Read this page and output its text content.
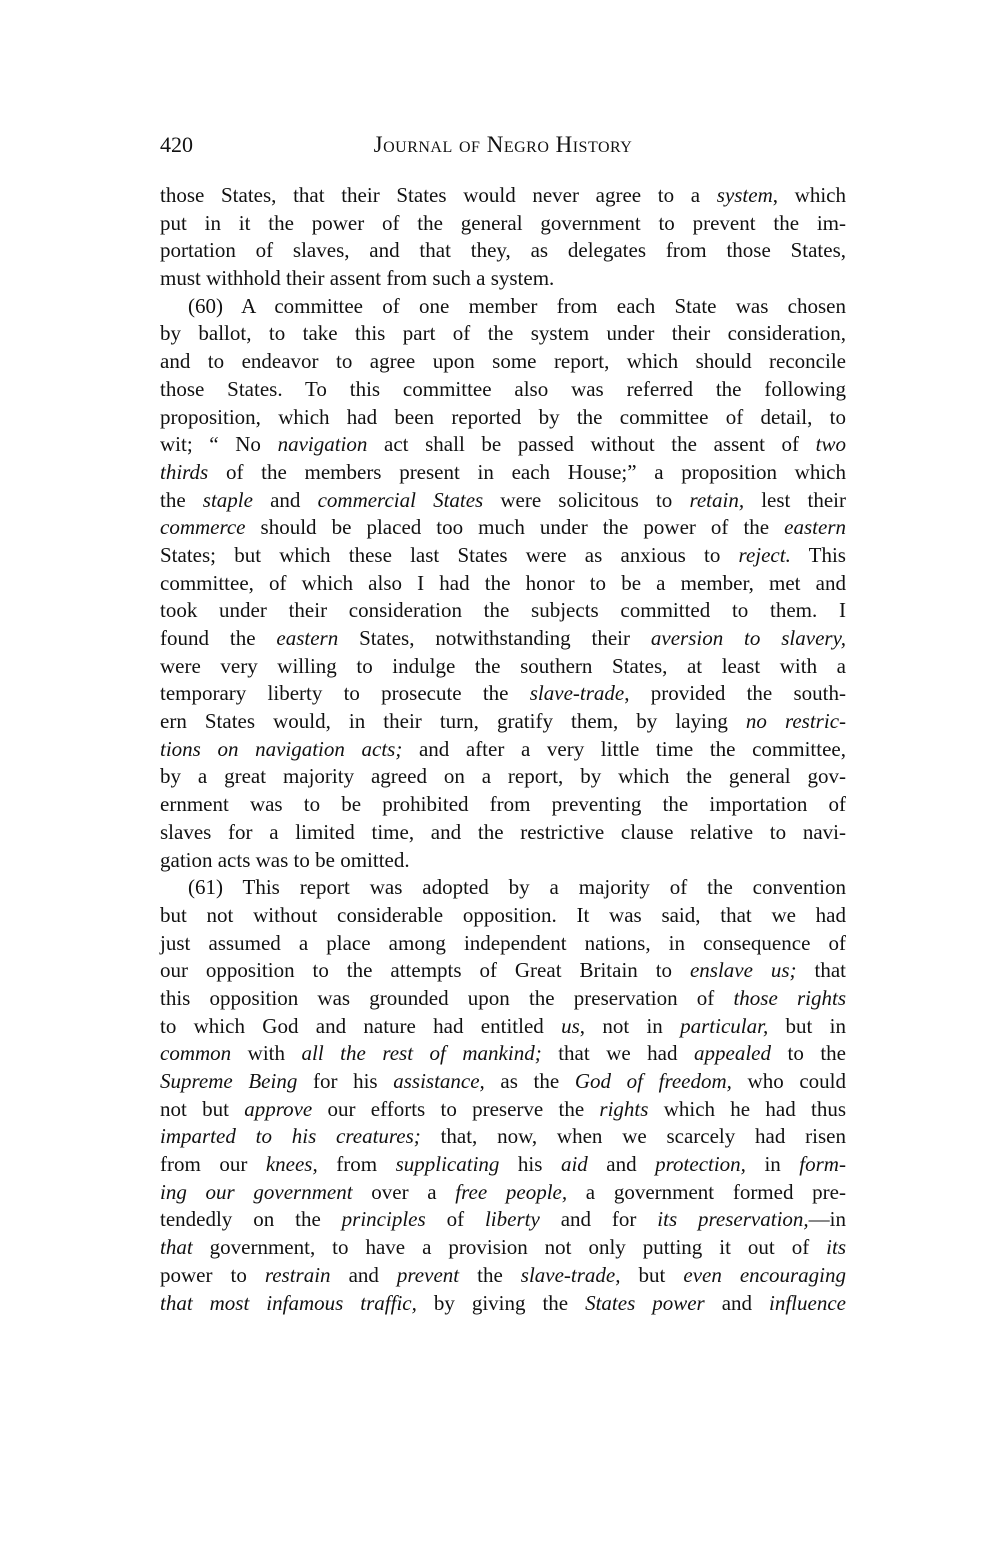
420	Journal of Negro History
those States, that their States would never agree to a system, which
put in it the power of the general government to prevent the im-
portation of slaves, and that they, as delegates from those States,
must withhold their assent from such a system.
(60) A committee of one member from each State was chosen
by ballot, to take this part of the system under their consideration,
and to endeavor to agree upon some report, which should reconcile
those States. To this committee also was referred the following
proposition, which had been reported by the committee of detail, to
wit; “ No navigation act shall be passed without the assent of two
thirds of the members present in each House;” a proposition which
the staple and commercial States were solicitous to retain, lest their
commerce should be placed too much under the power of the eastern
States; but which these last States were as anxious to reject. This
committee, of which also I had the honor to be a member, met and
took under their consideration the subjects committed to them. I
found the eastern States, notwithstanding their aversion to slavery,
were very willing to indulge the southern States, at least with a
temporary liberty to prosecute the slave-trade, provided the south-
ern States would, in their turn, gratify them, by laying no restric-
tions on navigation acts; and after a very little time the committee,
by a great majority agreed on a report, by which the general gov-
ernment was to be prohibited from preventing the importation of
slaves for a limited time, and the restrictive clause relative to navi-
gation acts was to be omitted.
(61) This report was adopted by a majority of the convention
but not without considerable opposition. It was said, that we had
just assumed a place among independent nations, in consequence of
our opposition to the attempts of Great Britain to enslave us; that
this opposition was grounded upon the preservation of those rights
to which God and nature had entitled us, not in particular, but in
common with all the rest of mankind; that we had appealed to the
Supreme Being for his assistance, as the God of freedom, who could
not but approve our efforts to preserve the rights which he had thus
imparted to his creatures; that, now, when we scarcely had risen
from our knees, from supplicating his aid and protection, in form-
ing our government over a free people, a government formed pre-
tendedly on the principles of liberty and for its preservation,—in
that government, to have a provision not only putting it out of its
power to restrain and prevent the slave-trade, but even encouraging
that most infamous traffic, by giving the States power and influence
